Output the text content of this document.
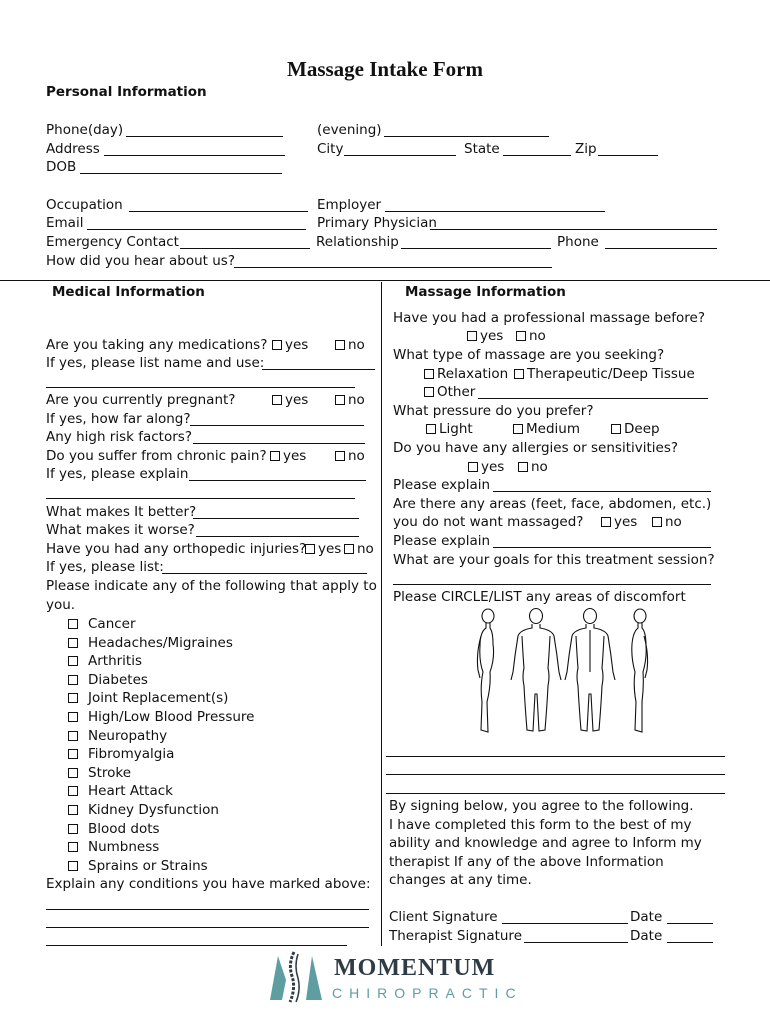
Massage Intake Form
Personal Information
Phone(day)	(evening)
Address	City	State	Zip
DOB
Occupation	Employer
Email	Primary Physician
Emergency Contact	Relationship	Phone
How did you hear about us?
Medical Information
Are you taking any medications?	yes	no
If yes, please list name and use:
Are you currently pregnant?	yes	no
If yes, how far along?
Any high risk factors?
Do you suffer from chronic pain?	yes	no
If yes, please explain
What makes It better?
What makes it worse?
Have you had any orthopedic injuries? yes	no
If yes, please list:
Please indicate any of the following that apply to
you.
Cancer
Headaches/Migraines
Arthritis
Diabetes
Joint Replacement(s)
High/Low Blood Pressure
Neuropathy
Fibromyalgia
Stroke
Heart Attack
Kidney Dysfunction
Blood dots
Numbness
Sprains or Strains
Explain any conditions you have marked above:
Massage Information
Have you had a professional massage before?
yes	no
What type of massage are you seeking?
Relaxation	Therapeutic/Deep Tissue
Other
What pressure do you prefer?
Light	Medium	Deep
Do you have any allergies or sensitivities?
yes	no
Please explain
Are there any areas (feet, face, abdomen, etc.)
you do not want massaged?	yes	no
Please explain
What are your goals for this treatment session?
Please CIRCLE/LIST any areas of discomfort
By signing below, you agree to the following.
I have completed this form to the best of my
ability and knowledge and agree to Inform my
therapist If any of the above Information
changes at any time.
Client Signature	Date
Therapist Signature	Date
MOMENTUM
CHIROPRACTIC
